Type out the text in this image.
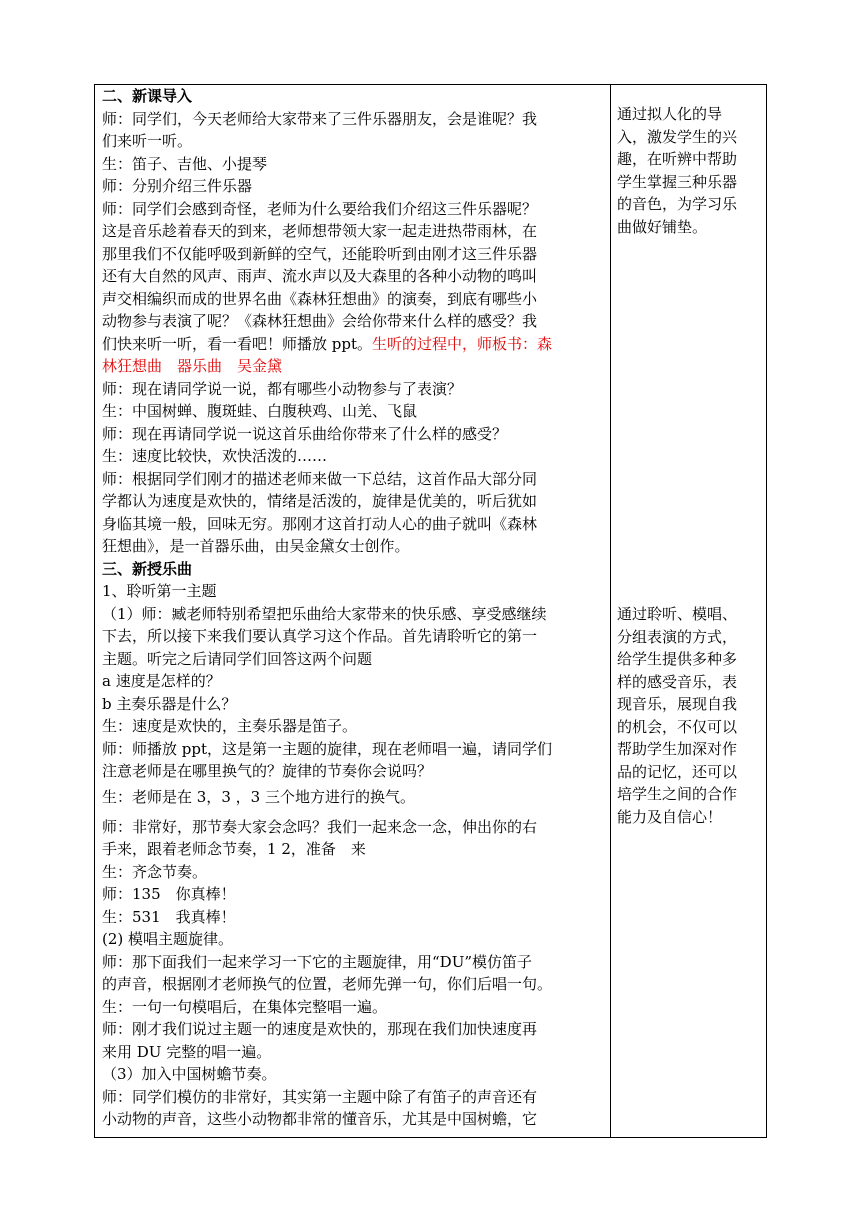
二、新课导入
师：同学们，今天老师给大家带来了三件乐器朋友，会是谁呢？我
们来听一听。
生：笛子、吉他、小提琴
师：分别介绍三件乐器
师：同学们会感到奇怪，老师为什么要给我们介绍这三件乐器呢？
这是音乐趁着春天的到来，老师想带领大家一起走进热带雨林，在
那里我们不仅能呼吸到新鲜的空气，还能聆听到由刚才这三件乐器
还有大自然的风声、雨声、流水声以及大森里的各种小动物的鸣叫
声交相编织而成的世界名曲《森林狂想曲》的演奏，到底有哪些小
动物参与表演了呢？《森林狂想曲》会给你带来什么样的感受？我
们快来听一听，看一看吧！师播放 ppt。生听的过程中，师板书：森
林狂想曲　器乐曲　吴金黛
师：现在请同学说一说，都有哪些小动物参与了表演？
生：中国树蝉、腹斑蛙、白腹秧鸡、山羌、飞鼠
师：现在再请同学说一说这首乐曲给你带来了什么样的感受？
生：速度比较快，欢快活泼的……
师：根据同学们刚才的描述老师来做一下总结，这首作品大部分同
学都认为速度是欢快的，情绪是活泼的，旋律是优美的，听后犹如
身临其境一般，回味无穷。那刚才这首打动人心的曲子就叫《森林
狂想曲》，是一首器乐曲，由吴金黛女士创作。
三、新授乐曲
1、聆听第一主题
（1）师：臧老师特别希望把乐曲给大家带来的快乐感、享受感继续
下去，所以接下来我们要认真学习这个作品。首先请聆听它的第一
主题。听完之后请同学们回答这两个问题
a 速度是怎样的？
b 主奏乐器是什么？
生：速度是欢快的，主奏乐器是笛子。
师：师播放 ppt，这是第一主题的旋律，现在老师唱一遍，请同学们
注意老师是在哪里换气的？旋律的节奏你会说吗？
生：老师是在 3，3 ，3 三个地方进行的换气。
师：非常好，那节奏大家会念吗？我们一起来念一念，伸出你的右
手来，跟着老师念节奏，1 2，准备　来
生：齐念节奏。
师：135　你真棒！
生：531　我真棒！
(2) 模唱主题旋律。
师：那下面我们一起来学习一下它的主题旋律，用“DU”模仿笛子
的声音，根据刚才老师换气的位置，老师先弹一句，你们后唱一句。
生：一句一句模唱后，在集体完整唱一遍。
师：刚才我们说过主题一的速度是欢快的，那现在我们加快速度再
来用 DU 完整的唱一遍。
（3）加入中国树蟾节奏。
师：同学们模仿的非常好，其实第一主题中除了有笛子的声音还有
小动物的声音，这些小动物都非常的懂音乐，尤其是中国树蟾，它
通过拟人化的导
入，激发学生的兴
趣，在听辨中帮助
学生掌握三种乐器
的音色，为学习乐
曲做好铺垫。
通过聆听、模唱、
分组表演的方式，
给学生提供多种多
样的感受音乐，表
现音乐，展现自我
的机会，不仅可以
帮助学生加深对作
品的记忆，还可以
培学生之间的合作
能力及自信心！
